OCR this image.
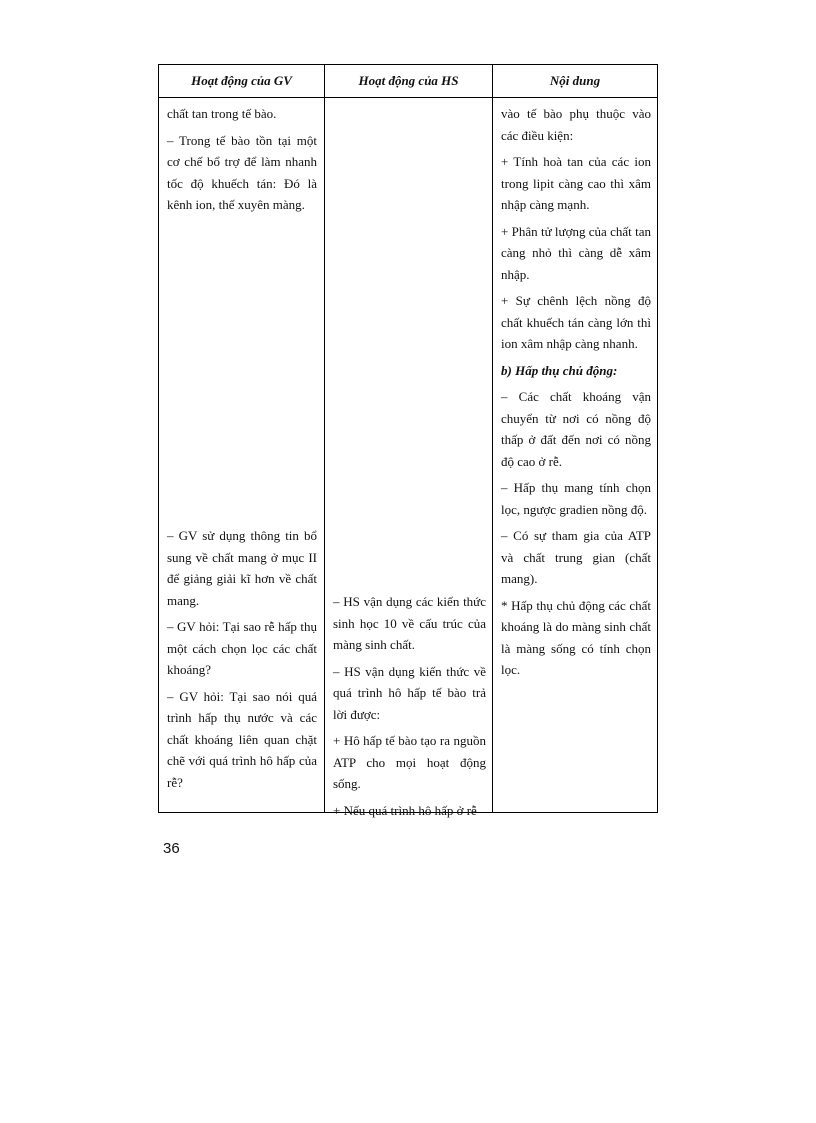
Hoạt động của GV	Hoạt động của HS	Nội dung

chất tan trong tế bào.

– Trong tế bào tồn tại một cơ chế bổ trợ để làm nhanh tốc độ khuếch tán: Đó là kênh ion, thế xuyên màng.

– GV sử dụng thông tin bổ sung về chất mang ở mục II để giảng giải kĩ hơn về chất mang.

– GV hỏi: Tại sao rễ hấp thụ một cách chọn lọc các chất khoáng?

– GV hỏi: Tại sao nói quá trình hấp thụ nước và các chất khoáng liên quan chặt chẽ với quá trình hô hấp của rễ?

– HS vận dụng các kiến thức sinh học 10 về cấu trúc của màng sinh chất.

– HS vận dụng kiến thức về quá trình hô hấp tế bào trả lời được:

+ Hô hấp tế bào tạo ra nguồn ATP cho mọi hoạt động sống.

+ Nếu quá trình hô hấp ở rễ

vào tế bào phụ thuộc vào các điều kiện:

+ Tính hoà tan của các ion trong lipit càng cao thì xâm nhập càng mạnh.

+ Phân tử lượng của chất tan càng nhỏ thì càng dễ xâm nhập.

+ Sự chênh lệch nồng độ chất khuếch tán càng lớn thì ion xâm nhập càng nhanh.

b) Hấp thụ chủ động:

– Các chất khoáng vận chuyển từ nơi có nồng độ thấp ở đất đến nơi có nồng độ cao ở rễ.

– Hấp thụ mang tính chọn lọc, ngược gradien nồng độ.

– Có sự tham gia của ATP và chất trung gian (chất mang).

* Hấp thụ chủ động các chất khoáng là do màng sinh chất là màng sống có tính chọn lọc.

36
